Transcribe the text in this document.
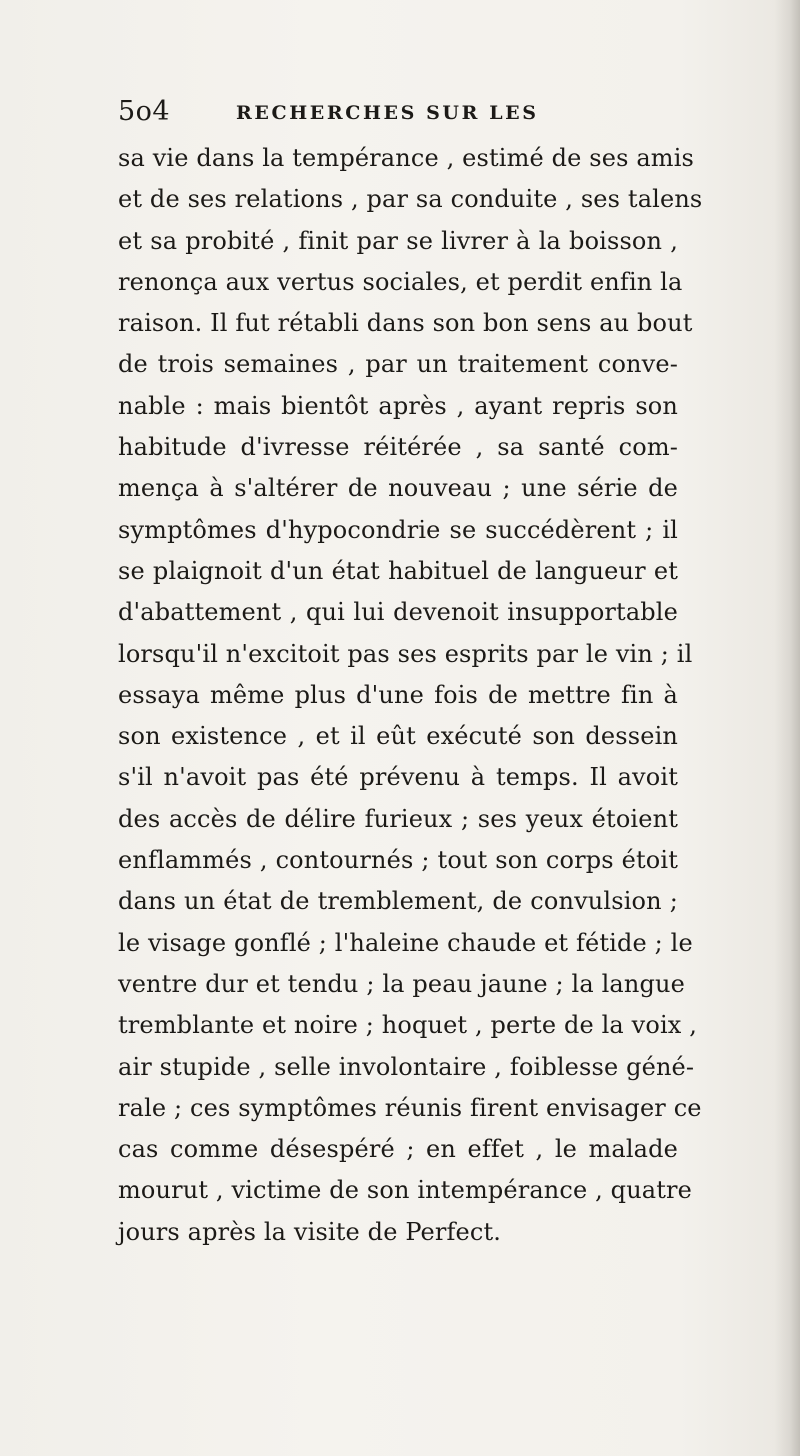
5o4	RECHERCHES SUR LES
sa vie dans la tempérance , estimé de ses amis
et de ses relations , par sa conduite , ses talens
et sa probité , finit par se livrer à la boisson ,
renonça aux vertus sociales, et perdit enfin la
raison. Il fut rétabli dans son bon sens au bout
de trois semaines , par un traitement conve-
nable : mais bientôt après , ayant repris son
habitude d'ivresse réitérée , sa santé com-
mença à s'altérer de nouveau ; une série de
symptômes d'hypocondrie se succédèrent ; il
se plaignoit d'un état habituel de langueur et
d'abattement , qui lui devenoit insupportable
lorsqu'il n'excitoit pas ses esprits par le vin ; il
essaya même plus d'une fois de mettre fin à
son existence , et il eût exécuté son dessein
s'il n'avoit pas été prévenu à temps. Il avoit
des accès de délire furieux ; ses yeux étoient
enflammés , contournés ; tout son corps étoit
dans un état de tremblement, de convulsion ;
le visage gonflé ; l'haleine chaude et fétide ; le
ventre dur et tendu ; la peau jaune ; la langue
tremblante et noire ; hoquet , perte de la voix ,
air stupide , selle involontaire , foiblesse géné-
rale ; ces symptômes réunis firent envisager ce
cas comme désespéré ; en effet , le malade
mourut , victime de son intempérance , quatre
jours après la visite de Perfect.
